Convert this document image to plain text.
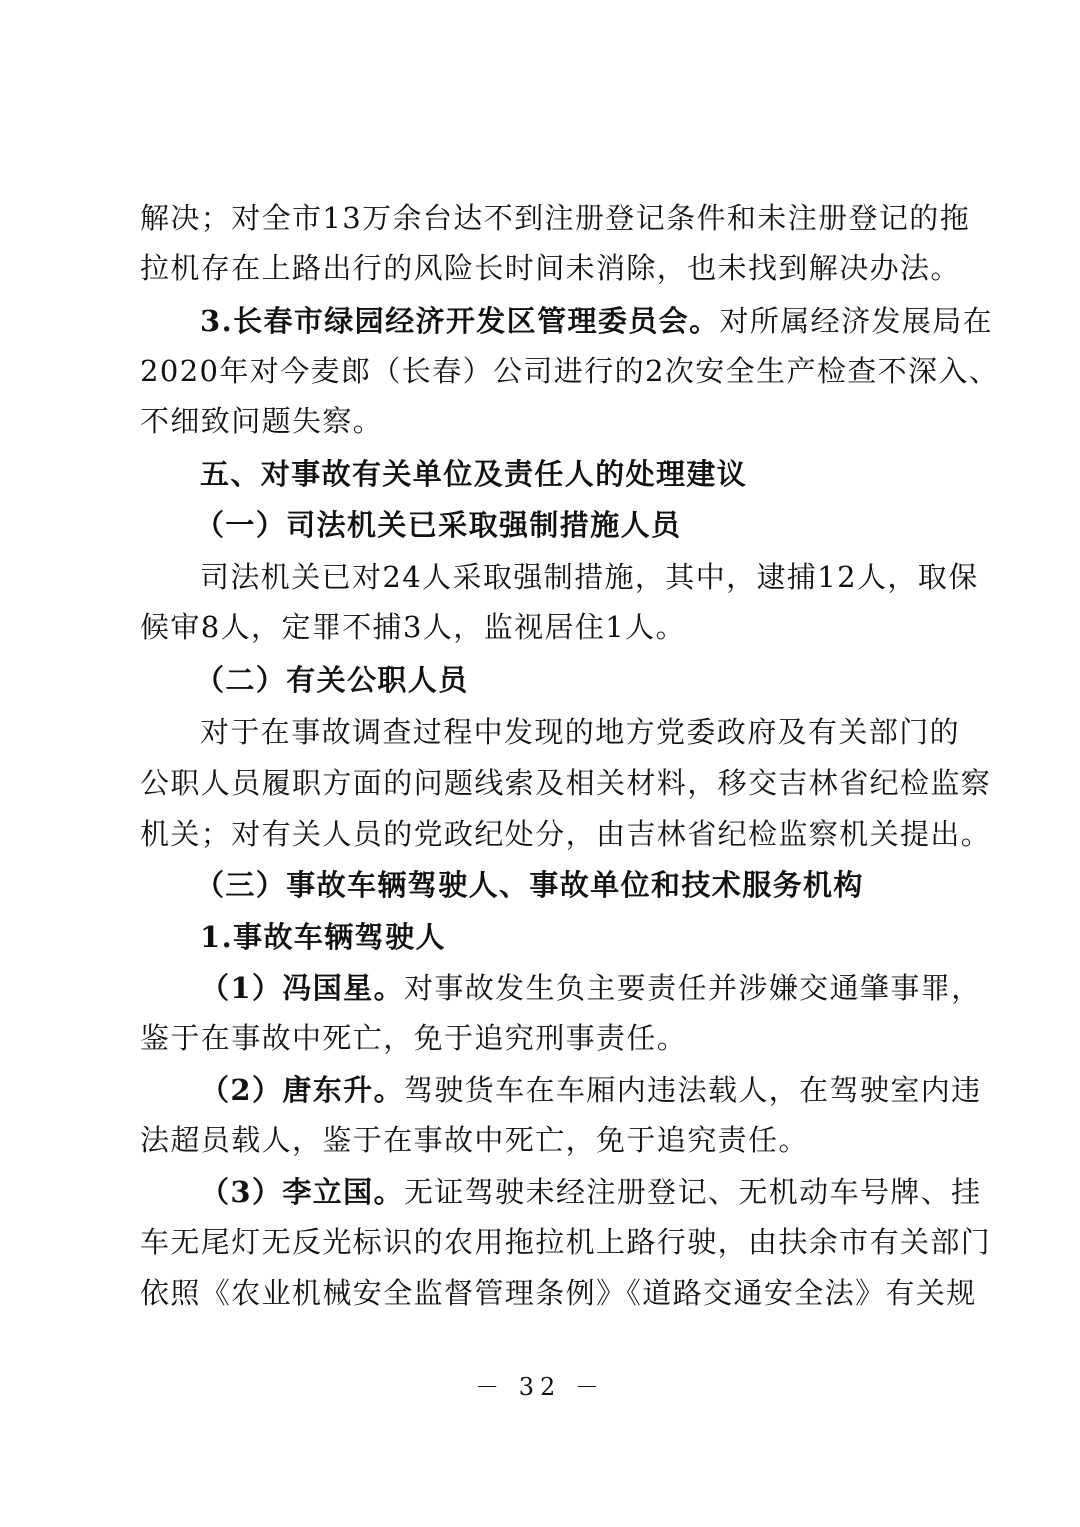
解决；对全市13万余台达不到注册登记条件和未注册登记的拖
拉机存在上路出行的风险长时间未消除，也未找到解决办法。
3.长春市绿园经济开发区管理委员会。对所属经济发展局在
2020年对今麦郎（长春）公司进行的2次安全生产检查不深入、
不细致问题失察。
五、对事故有关单位及责任人的处理建议
（一）司法机关已采取强制措施人员
司法机关已对24人采取强制措施，其中，逮捕12人，取保
候审8人，定罪不捕3人，监视居住1人。
（二）有关公职人员
对于在事故调查过程中发现的地方党委政府及有关部门的
公职人员履职方面的问题线索及相关材料，移交吉林省纪检监察
机关；对有关人员的党政纪处分，由吉林省纪检监察机关提出。
（三）事故车辆驾驶人、事故单位和技术服务机构
1.事故车辆驾驶人
（1）冯国星。对事故发生负主要责任并涉嫌交通肇事罪，
鉴于在事故中死亡，免于追究刑事责任。
（2）唐东升。驾驶货车在车厢内违法载人，在驾驶室内违
法超员载人，鉴于在事故中死亡，免于追究责任。
（3）李立国。无证驾驶未经注册登记、无机动车号牌、挂
车无尾灯无反光标识的农用拖拉机上路行驶，由扶余市有关部门
依照《农业机械安全监督管理条例》《道路交通安全法》有关规
－ 32 －
